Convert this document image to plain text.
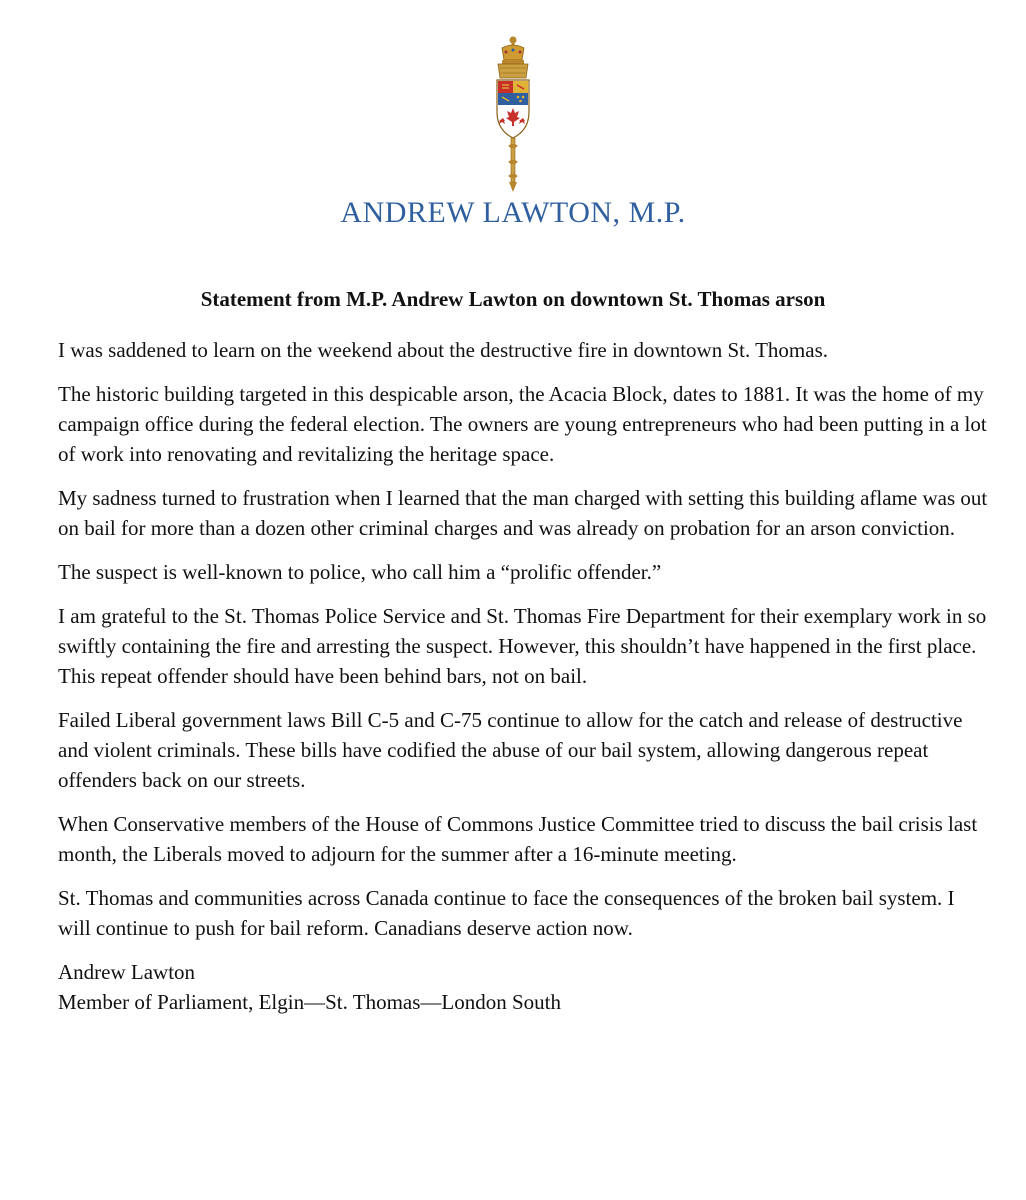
ANDREW LAWTON, M.P.
Statement from M.P. Andrew Lawton on downtown St. Thomas arson

I was saddened to learn on the weekend about the destructive fire in downtown St. Thomas.

The historic building targeted in this despicable arson, the Acacia Block, dates to 1881. It was the home of my campaign office during the federal election. The owners are young entrepreneurs who had been putting in a lot of work into renovating and revitalizing the heritage space.

My sadness turned to frustration when I learned that the man charged with setting this building aflame was out on bail for more than a dozen other criminal charges and was already on probation for an arson conviction.

The suspect is well-known to police, who call him a “prolific offender.”

I am grateful to the St. Thomas Police Service and St. Thomas Fire Department for their exemplary work in so swiftly containing the fire and arresting the suspect. However, this shouldn’t have happened in the first place. This repeat offender should have been behind bars, not on bail.

Failed Liberal government laws Bill C-5 and C-75 continue to allow for the catch and release of destructive and violent criminals. These bills have codified the abuse of our bail system, allowing dangerous repeat offenders back on our streets.

When Conservative members of the House of Commons Justice Committee tried to discuss the bail crisis last month, the Liberals moved to adjourn for the summer after a 16-minute meeting.

St. Thomas and communities across Canada continue to face the consequences of the broken bail system. I will continue to push for bail reform. Canadians deserve action now.

Andrew Lawton
Member of Parliament, Elgin—St. Thomas—London South
